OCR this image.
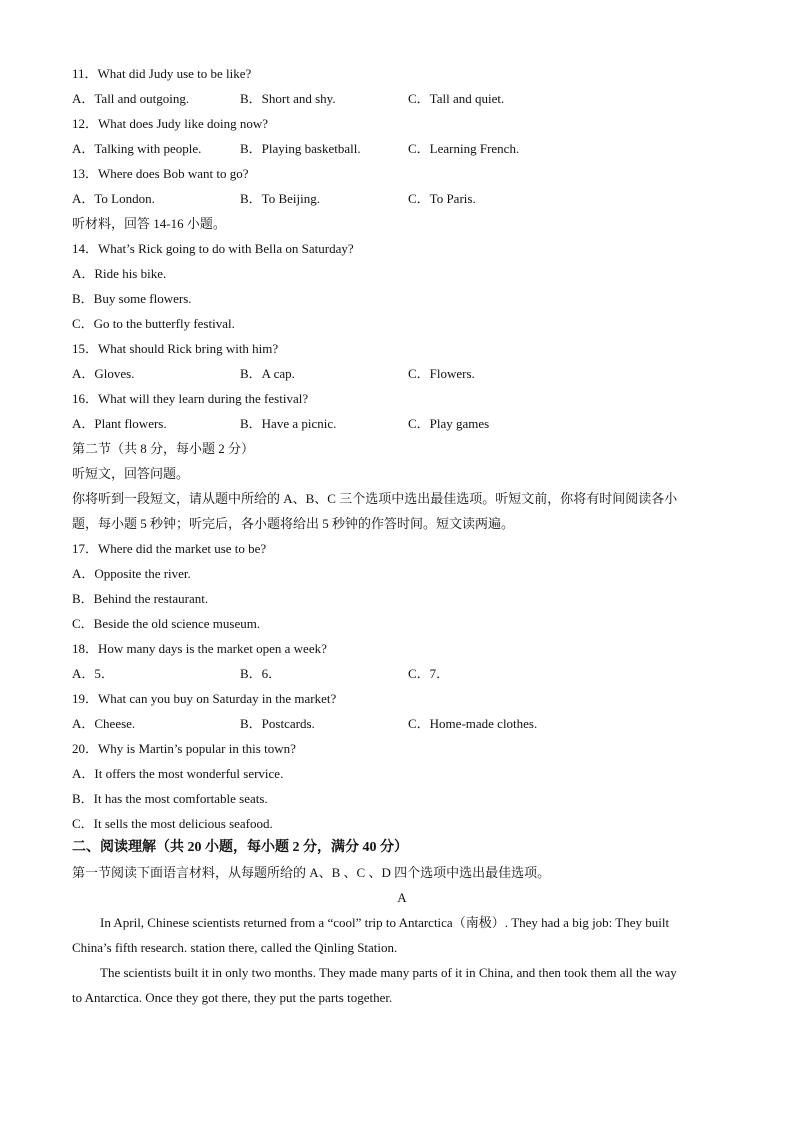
11．What did Judy use to be like?
A．Tall and outgoing.	B．Short and shy.	C．Tall and quiet.
12．What does Judy like doing now?
A．Talking with people.	B．Playing basketball.	C．Learning French.
13．Where does Bob want to go?
A．To London.	B．To Beijing.	C．To Paris.
听材料，回答 14-16 小题。
14．What’s Rick going to do with Bella on Saturday?
A．Ride his bike.
B．Buy some flowers.
C．Go to the butterfly festival.
15．What should Rick bring with him?
A．Gloves.	B．A cap.	C．Flowers.
16．What will they learn during the festival?
A．Plant flowers.	B．Have a picnic.	C．Play games
第二节（共 8 分，每小题 2 分）
听短文，回答问题。
你将听到一段短文，请从题中所给的 A、B、C 三个选项中选出最佳选项。听短文前，你将有时间阅读各小
题，每小题 5 秒钟；听完后，各小题将给出 5 秒钟的作答时间。短文读两遍。
17．Where did the market use to be?
A．Opposite the river.
B．Behind the restaurant.
C．Beside the old science museum.
18．How many days is the market open a week?
A．5．	B．6．	C．7．
19．What can you buy on Saturday in the market?
A．Cheese.	B．Postcards.	C．Home-made clothes.
20．Why is Martin’s popular in this town?
A．It offers the most wonderful service.
B．It has the most comfortable seats.
C．It sells the most delicious seafood.
二、阅读理解（共 20 小题，每小题 2 分，满分 40 分）
第一节阅读下面语言材料，从每题所给的 A、B 、C 、D 四个选项中选出最佳选项。
A
In April, Chinese scientists returned from a “cool” trip to Antarctica（南极）. They had a big job: They built
China’s fifth research. station there, called the Qinling Station.
The scientists built it in only two months. They made many parts of it in China, and then took them all the way
to Antarctica. Once they got there, they put the parts together.
